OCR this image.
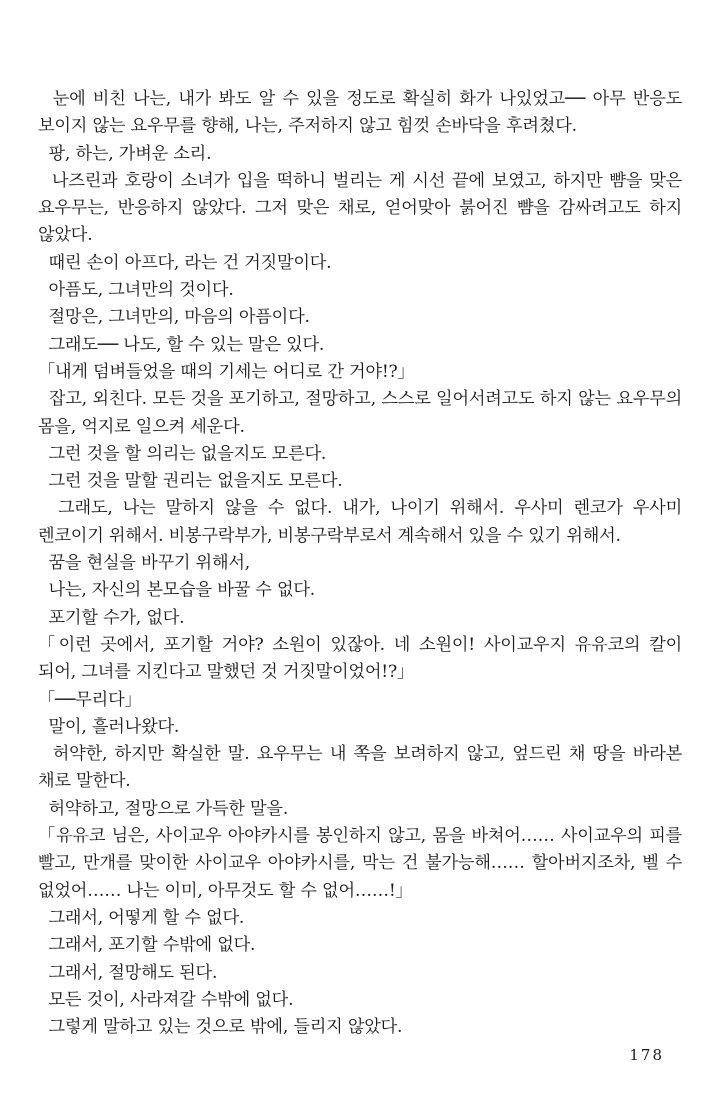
눈에 비친 나는, 내가 봐도 알 수 있을 정도로 확실히 화가 나있었고── 아무 반응도 보이지 않는 요우무를 향해, 나는, 주저하지 않고 힘껏 손바닥을 후려쳤다.

팡, 하는, 가벼운 소리.

나즈린과 호랑이 소녀가 입을 떡하니 벌리는 게 시선 끝에 보였고, 하지만 뺨을 맞은 요우무는, 반응하지 않았다. 그저 맞은 채로, 얻어맞아 붉어진 뺨을 감싸려고도 하지 않았다.

때린 손이 아프다, 라는 건 거짓말이다.

아픔도, 그녀만의 것이다.

절망은, 그녀만의, 마음의 아픔이다.

그래도── 나도, 할 수 있는 말은 있다.

「내게 덤벼들었을 때의 기세는 어디로 간 거야!?」

잡고, 외친다. 모든 것을 포기하고, 절망하고, 스스로 일어서려고도 하지 않는 요우무의 몸을, 억지로 일으켜 세운다.

그런 것을 할 의리는 없을지도 모른다.

그런 것을 말할 권리는 없을지도 모른다.

그래도, 나는 말하지 않을 수 없다. 내가, 나이기 위해서. 우사미 렌코가 우사미 렌코이기 위해서. 비봉구락부가, 비봉구락부로서 계속해서 있을 수 있기 위해서.

꿈을 현실을 바꾸기 위해서,

나는, 자신의 본모습을 바꿀 수 없다.

포기할 수가, 없다.

「이런 곳에서, 포기할 거야? 소원이 있잖아. 네 소원이! 사이교우지 유유코의 칼이 되어, 그녀를 지킨다고 말했던 것 거짓말이었어!?」

「──무리다」

말이, 흘러나왔다.

허약한, 하지만 확실한 말. 요우무는 내 쪽을 보려하지 않고, 엎드린 채 땅을 바라본 채로 말한다.

허약하고, 절망으로 가득한 말을.

「유유코 님은, 사이교우 아야카시를 봉인하지 않고, 몸을 바쳐어…… 사이교우의 피를 빨고, 만개를 맞이한 사이교우 아야카시를, 막는 건 불가능해…… 할아버지조차, 벨 수 없었어…… 나는 이미, 아무것도 할 수 없어……!」

그래서, 어떻게 할 수 없다.

그래서, 포기할 수밖에 없다.

그래서, 절망해도 된다.

모든 것이, 사라져갈 수밖에 없다.

그렇게 말하고 있는 것으로 밖에, 들리지 않았다.

178
